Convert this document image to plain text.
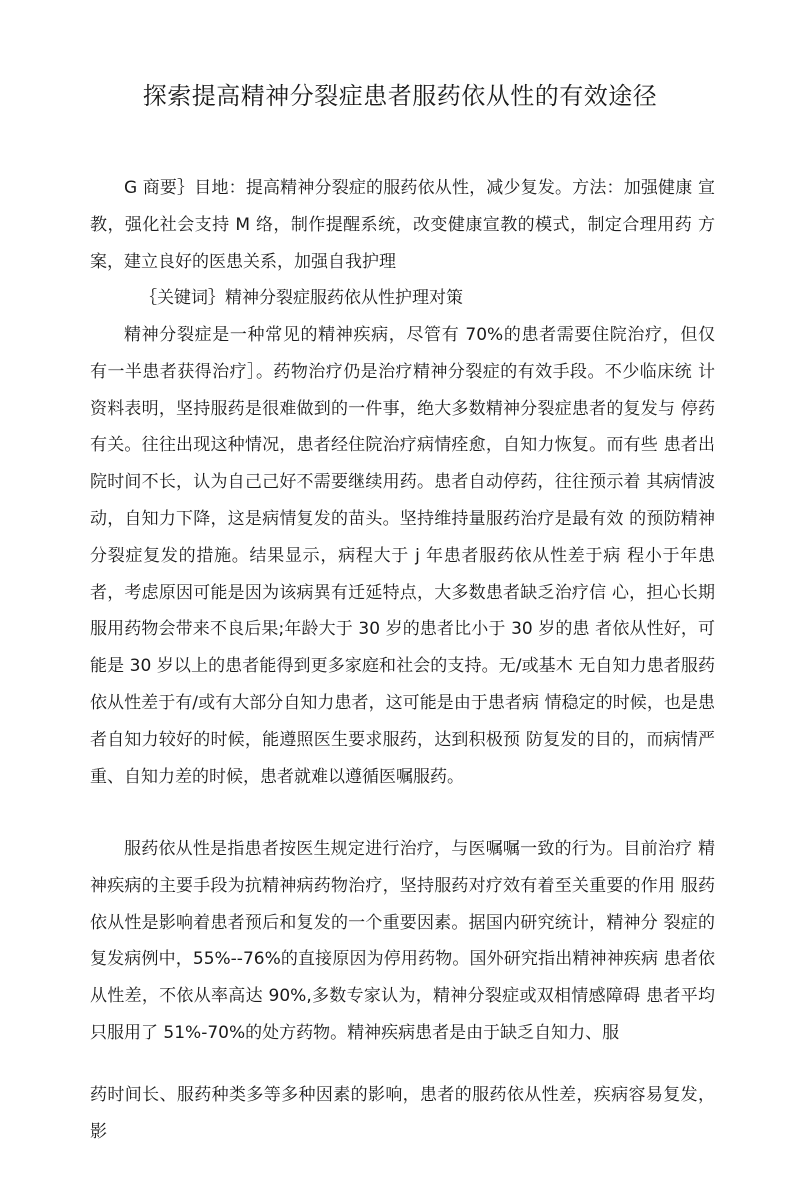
探索提高精神分裂症患者服药依从性的有效途径

G 商要｝目地：提高精神分裂症的服药依从性，减少复发。方法：加强健康 宣教，强化社会支持 M 络，制作提醒系统，改变健康宣教的模式，制定合理用药 方案，建立良好的医患关系，加强自我护理

｛关键词｝精神分裂症服药依从性护理对策

精神分裂症是一种常见的精神疾病，尽管有 70%的患者需要住院治疗，但仅 有一半患者获得治疗］。药物治疗仍是治疗精神分裂症的有效手段。不少临床统 计资料表明，坚持服药是很难做到的一件事，绝大多数精神分裂症患者的复发与 停药有关。往往出现这种情况，患者经住院治疗病情痊愈，自知力恢复。而有些 患者出院时间不长，认为自己己好不需要继续用药。患者自动停药，往往预示着 其病情波动，自知力下降，这是病情复发的苗头。坚持维持量服药治疗是最有效 的预防精神分裂症复发的措施。结果显示，病程大于 j 年患者服药依从性差于病 程小于年患者，考虑原因可能是因为该病異有迁延特点，大多数患者缺乏治疗信 心，担心长期服用药物会带来不良后果;年龄大于 30 岁的患者比小于 30 岁的患 者依从性好，可能是 30 岁以上的患者能得到更多家庭和社会的支持。无/或基木 无自知力患者服药依从性差于有/或有大部分自知力患者，这可能是由于患者病 情稳定的时候，也是患者自知力较好的时候，能遵照医生要求服药，达到积极预 防复发的目的，而病情严重、自知力差的时候，患者就难以遵循医嘱服药。

服药依从性是指患者按医生规定进行治疗，与医嘱嘱一致的行为。目前治疗 精神疾病的主要手段为抗精神病药物治疗，坚持服药对疗效有着至关重要的作用 服药依从性是影响着患者预后和复发的一个重要因素。据国内研究统计，精神分 裂症的复发病例中，55%--76%的直接原因为停用药物。国外研究指出精神神疾病 患者依从性差，不依从率高达 90%,多数专家认为，精神分裂症或双相情感障碍 患者平均只服用了 51%-70%的处方药物。精神疾病患者是由于缺乏自知力、服

药时间长、服药种类多等多种因素的影响，患者的服药依从性差，疾病容易复发，影
